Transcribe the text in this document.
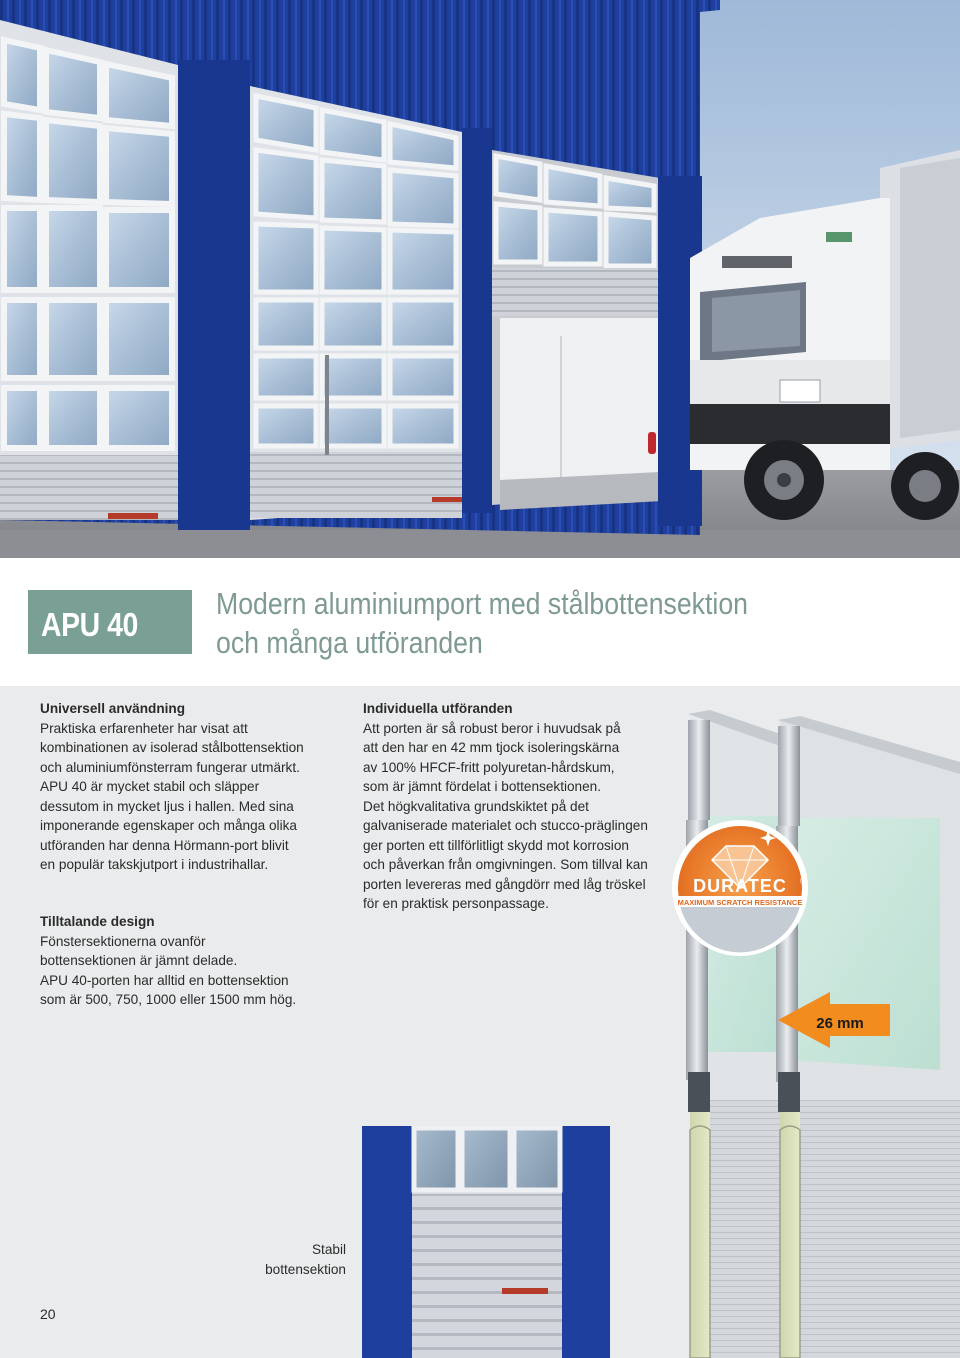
APU 40
Modern aluminiumport med stålbottensektion
och många utföranden
Universell användning
Praktiska erfarenheter har visat att
kombinationen av isolerad stålbottensektion
och aluminiumfönsterram fungerar utmärkt.
APU 40 är mycket stabil och släpper
dessutom in mycket ljus i hallen. Med sina
imponerande egenskaper och många olika
utföranden har denna Hörmann-port blivit
en populär takskjutport i industrihallar.
Tilltalande design
Fönstersektionerna ovanför
bottensektionen är jämnt delade.
APU 40-porten har alltid en bottensektion
som är 500, 750, 1000 eller 1500 mm hög.
Individuella utföranden
Att porten är så robust beror i huvudsak på
att den har en 42 mm tjock isoleringskärna
av 100% HFCF-fritt polyuretan-hårdskum,
som är jämnt fördelat i bottensektionen.
Det högkvalitativa grundskiktet på det
galvaniserade materialet och stucco-präglingen
ger porten ett tillförlitligt skydd mot korrosion
och påverkan från omgivningen. Som tillval kan
porten levereras med gångdörr med låg tröskel
för en praktisk personpassage.
DURATEC ®
MAXIMUM SCRATCH RESISTANCE
26 mm
Stabil
bottensektion
20
